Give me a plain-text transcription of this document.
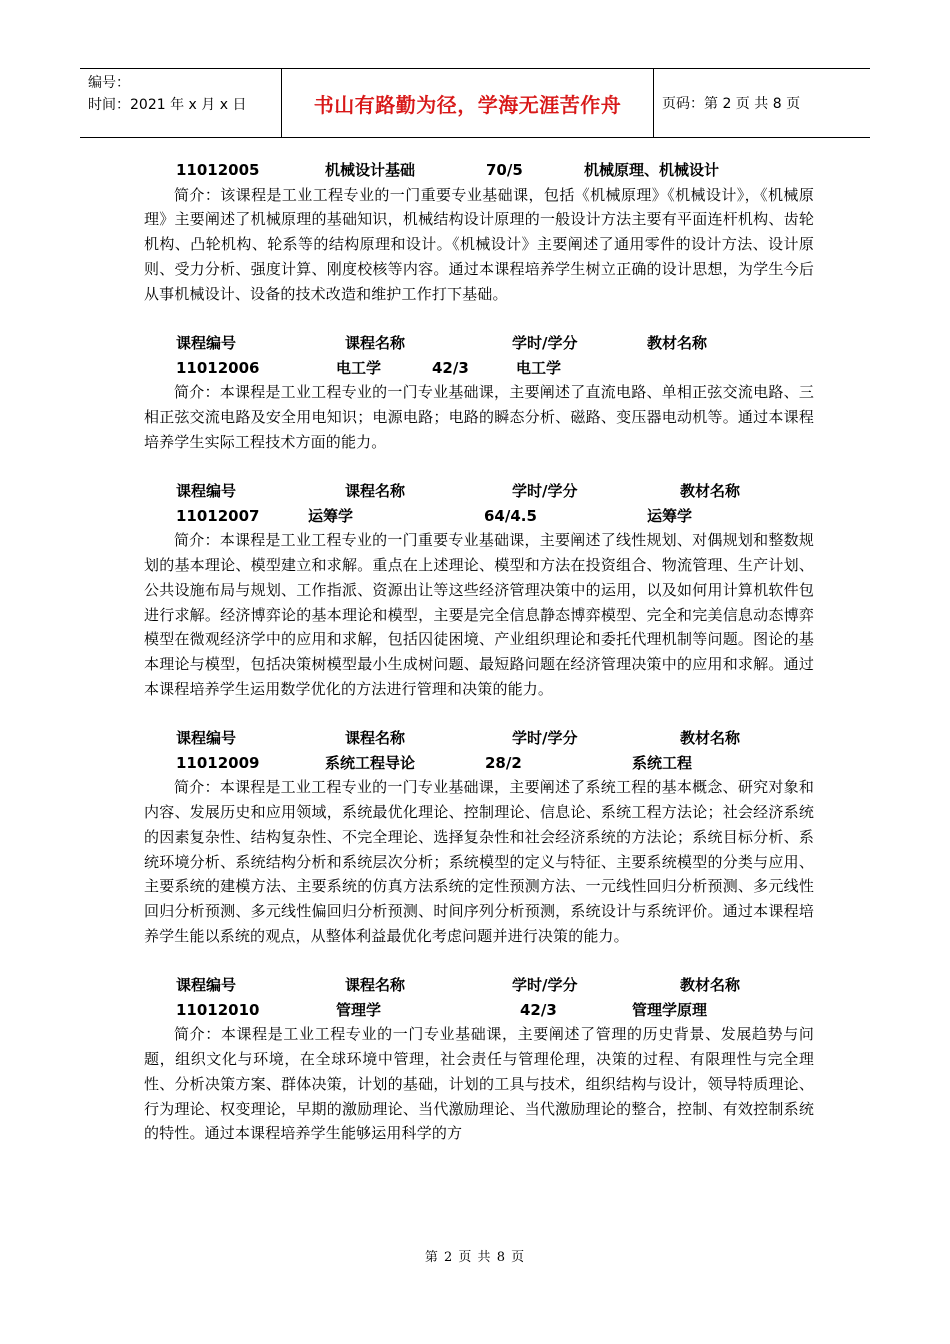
编号：
时间：2021 年 x 月 x 日	书山有路勤为径，学海无涯苦作舟	页码：第 2 页 共 8 页
11012005	机械设计基础	70/5	机械原理、机械设计
简介：该课程是工业工程专业的一门重要专业基础课，包括《机械原理》《机械设计》，《机械原理》主要阐述了机械原理的基础知识，机械结构设计原理的一般设计方法主要有平面连杆机构、齿轮机构、凸轮机构、轮系等的结构原理和设计。《机械设计》主要阐述了通用零件的设计方法、设计原则、受力分析、强度计算、刚度校核等内容。通过本课程培养学生树立正确的设计思想，为学生今后从事机械设计、设备的技术改造和维护工作打下基础。
课程编号	课程名称	学时/学分	教材名称
11012006	电工学	42/3	电工学
简介：本课程是工业工程专业的一门专业基础课，主要阐述了直流电路、单相正弦交流电路、三相正弦交流电路及安全用电知识；电源电路；电路的瞬态分析、磁路、变压器电动机等。通过本课程培养学生实际工程技术方面的能力。
课程编号	课程名称	学时/学分	教材名称
11012007	运筹学	64/4.5	运筹学
简介：本课程是工业工程专业的一门重要专业基础课，主要阐述了线性规划、对偶规划和整数规划的基本理论、模型建立和求解。重点在上述理论、模型和方法在投资组合、物流管理、生产计划、公共设施布局与规划、工作指派、资源出让等这些经济管理决策中的运用，以及如何用计算机软件包进行求解。经济博弈论的基本理论和模型，主要是完全信息静态博弈模型、完全和完美信息动态博弈模型在微观经济学中的应用和求解，包括囚徒困境、产业组织理论和委托代理机制等问题。图论的基本理论与模型，包括决策树模型最小生成树问题、最短路问题在经济管理决策中的应用和求解。通过本课程培养学生运用数学优化的方法进行管理和决策的能力。
课程编号	课程名称	学时/学分	教材名称
11012009	系统工程导论	28/2	系统工程
简介：本课程是工业工程专业的一门专业基础课，主要阐述了系统工程的基本概念、研究对象和内容、发展历史和应用领域，系统最优化理论、控制理论、信息论、系统工程方法论；社会经济系统的因素复杂性、结构复杂性、不完全理论、选择复杂性和社会经济系统的方法论；系统目标分析、系统环境分析、系统结构分析和系统层次分析；系统模型的定义与特征、主要系统模型的分类与应用、主要系统的建模方法、主要系统的仿真方法系统的定性预测方法、一元线性回归分析预测、多元线性回归分析预测、多元线性偏回归分析预测、时间序列分析预测，系统设计与系统评价。通过本课程培养学生能以系统的观点，从整体利益最优化考虑问题并进行决策的能力。
课程编号	课程名称	学时/学分	教材名称
11012010	管理学	42/3	管理学原理
简介：本课程是工业工程专业的一门专业基础课，主要阐述了管理的历史背景、发展趋势与问题，组织文化与环境，在全球环境中管理，社会责任与管理伦理，决策的过程、有限理性与完全理性、分析决策方案、群体决策，计划的基础，计划的工具与技术，组织结构与设计，领导特质理论、行为理论、权变理论，早期的激励理论、当代激励理论、当代激励理论的整合，控制、有效控制系统的特性。通过本课程培养学生能够运用科学的方
第 2 页 共 8 页
